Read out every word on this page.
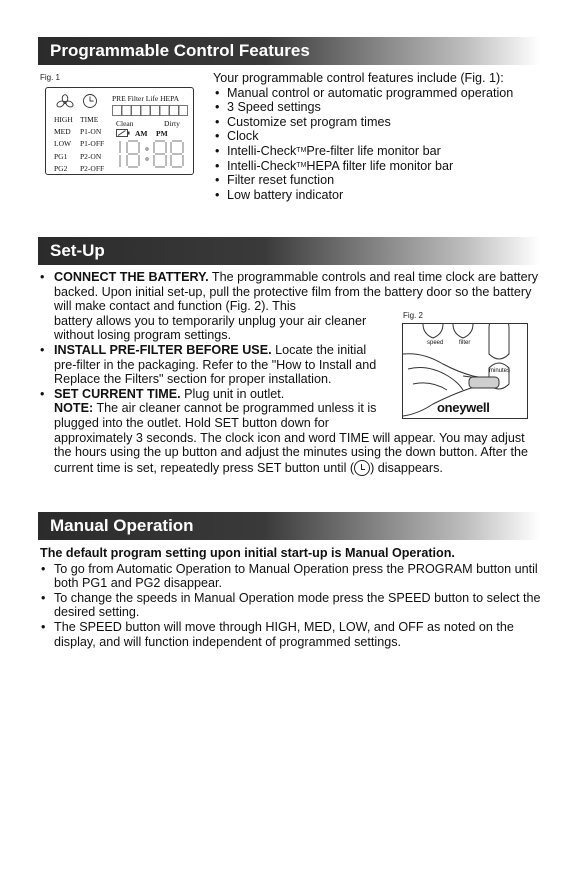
Programmable Control Features
Fig. 1
PRE Filter Life HEPA
Clean	Dirty
AM PM
HIGH
MED
LOW
PG1
PG2
TIME
P1-ON
P1-OFF
P2-ON
P2-OFF
Your programmable control features include (Fig. 1):
• Manual control or automatic programmed operation
• 3 Speed settings
• Customize set program times
• Clock
• Intelli-Check™Pre-filter life monitor bar
• Intelli-Check™HEPA filter life monitor bar
• Filter reset function
• Low battery indicator
Set-Up
Fig. 2
speed	filter
minutes
oneywell
• CONNECT THE BATTERY. The programmable controls and real time clock are battery backed. Upon initial set-up, pull the protective film from the battery door so the battery will make contact and function (Fig. 2). This
battery allows you to temporarily unplug your air cleaner
without losing program settings.

• INSTALL PRE-FILTER BEFORE USE. Locate the initial
pre-filter in the packaging. Refer to the "How to Install and
Replace the Filters" section for proper installation.

• SET CURRENT TIME. Plug unit in outlet.
NOTE: The air cleaner cannot be programmed unless it is
plugged into the outlet. Hold SET button down for

approximately 3 seconds. The clock icon and word TIME will appear. You may adjust the hours using the up button and adjust the minutes using the down button. After the current time is set, repeatedly press SET button until ( ) disappears.

Manual Operation

The default program setting upon initial start-up is Manual Operation.

• To go from Automatic Operation to Manual Operation press the PROGRAM button until both PG1 and PG2 disappear.
• To change the speeds in Manual Operation mode press the SPEED button to select the desired setting.
• The SPEED button will move through HIGH, MED, LOW, and OFF as noted on the display, and will function independent of programmed settings.
